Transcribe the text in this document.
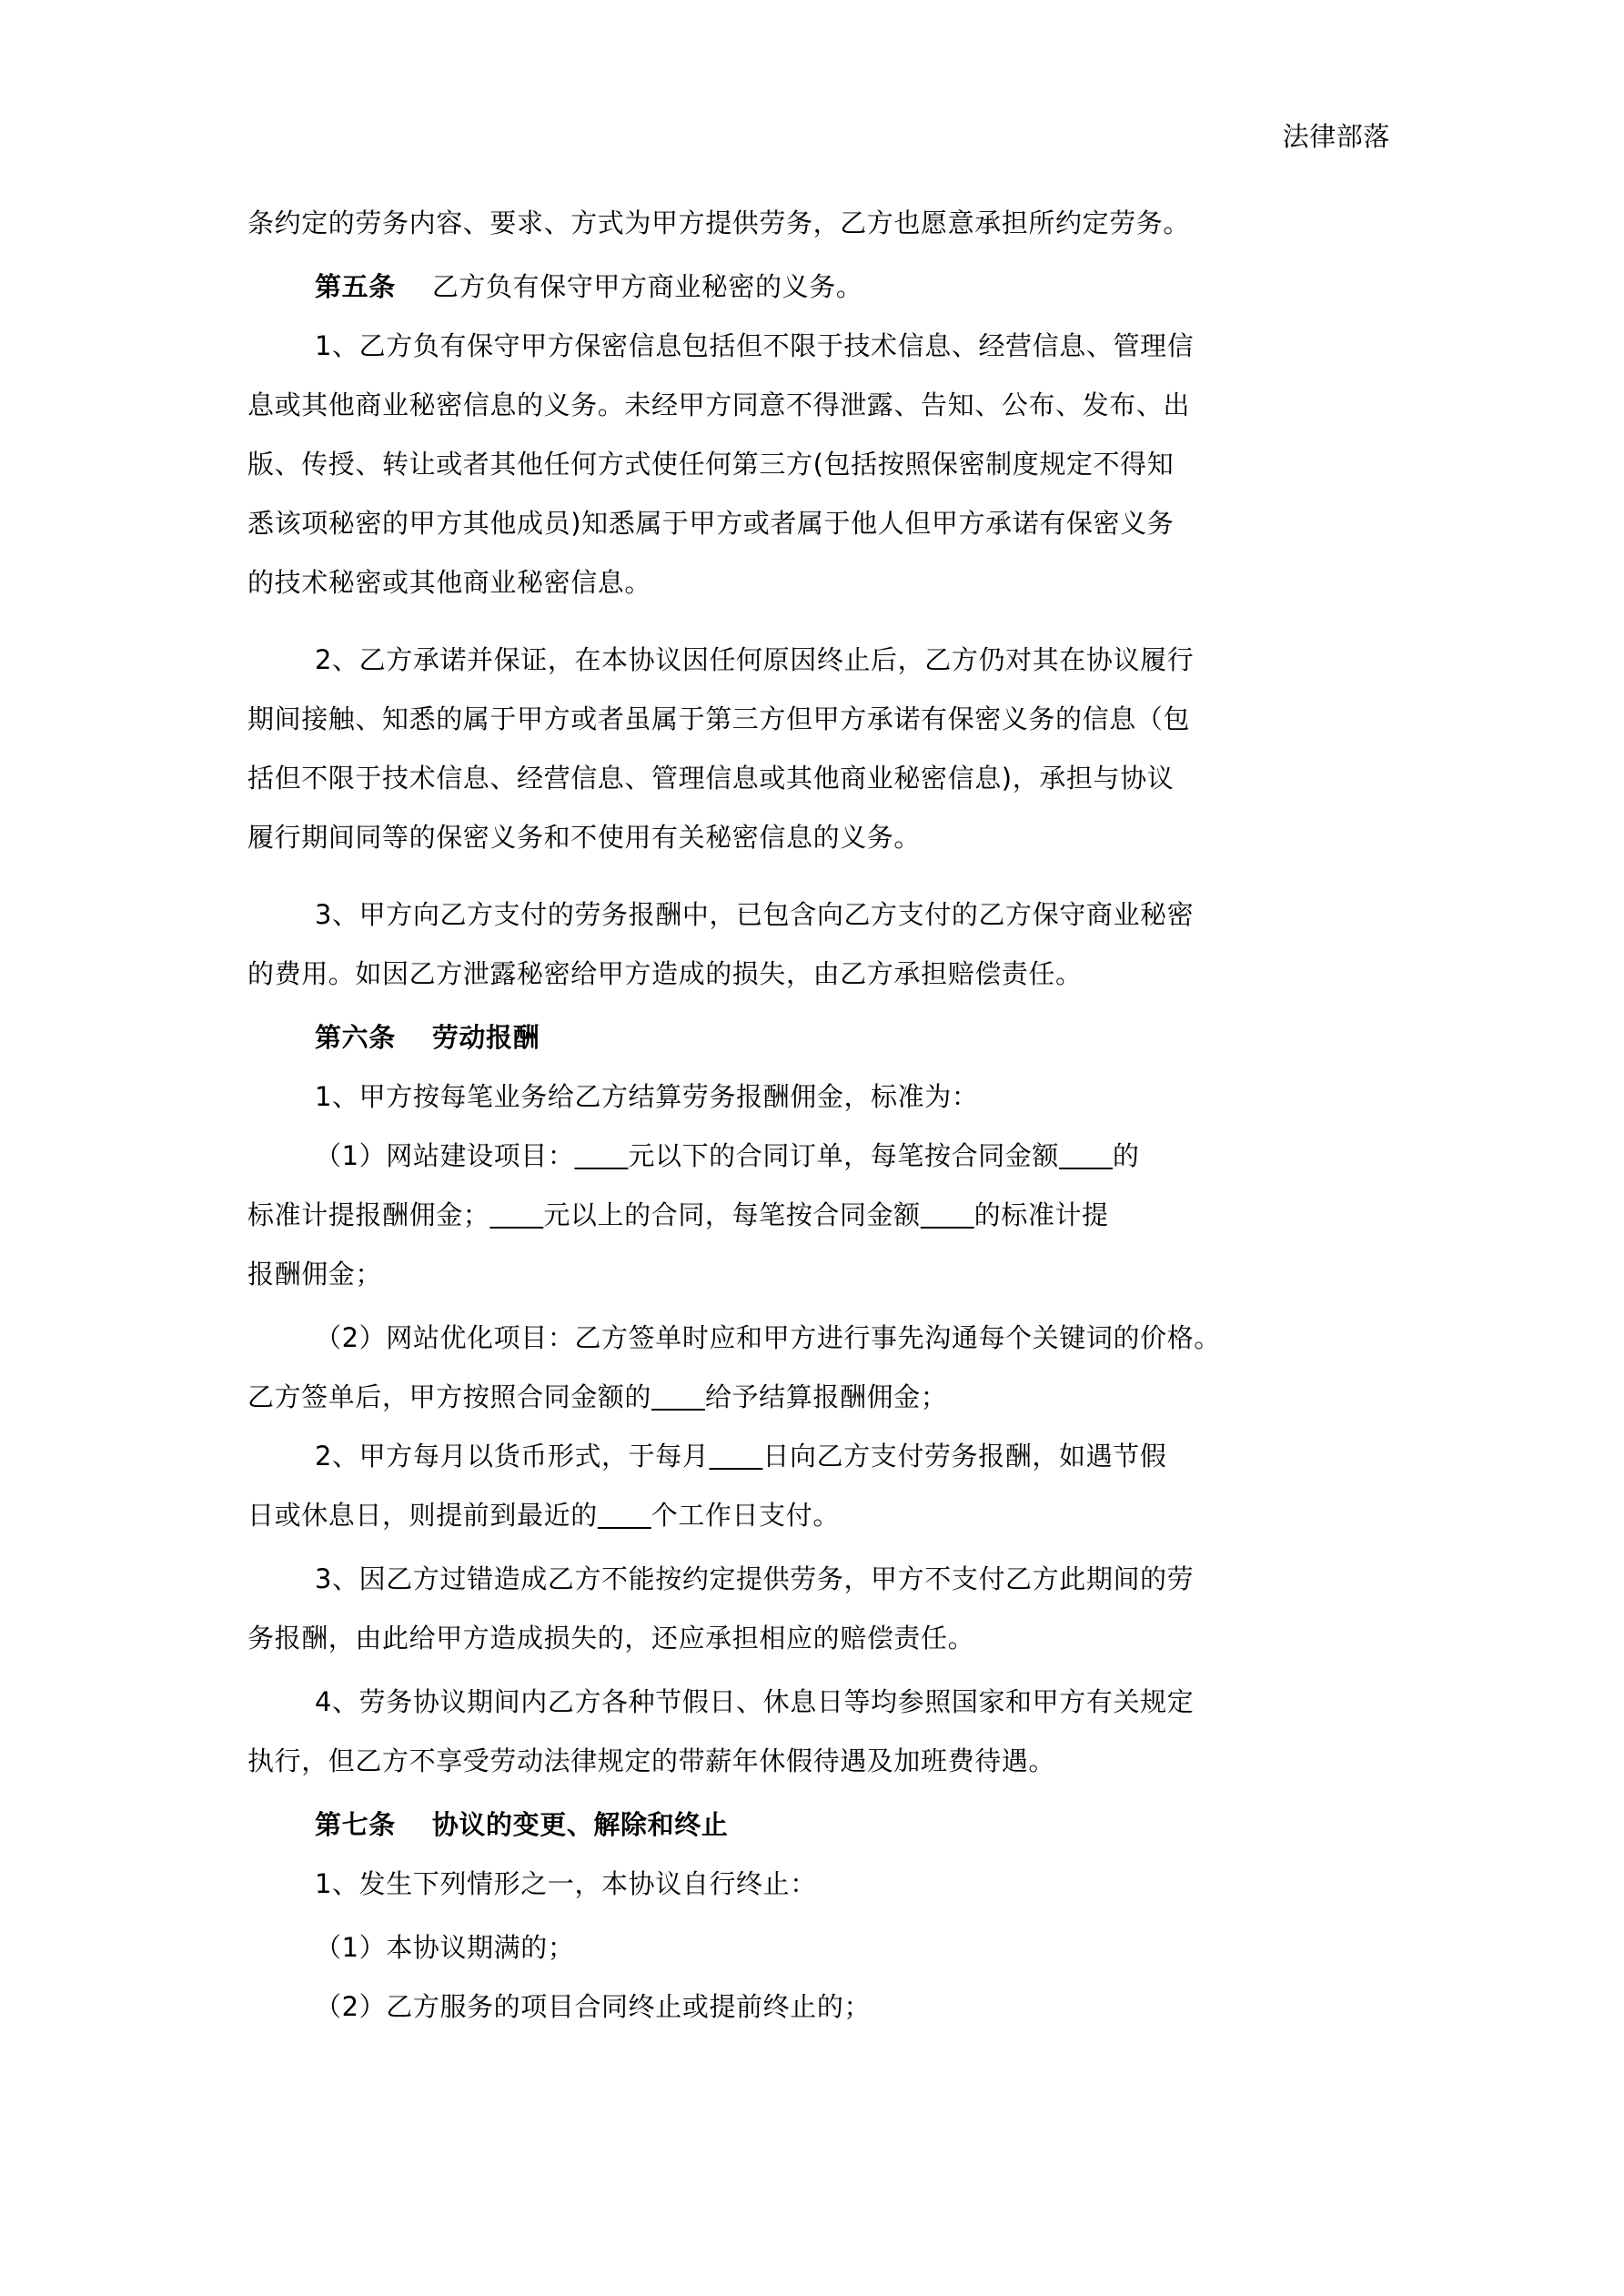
法律部落
条约定的劳务内容、要求、方式为甲方提供劳务，乙方也愿意承担所约定劳务。
第五条 乙方负有保守甲方商业秘密的义务。
1、乙方负有保守甲方保密信息包括但不限于技术信息、经营信息、管理信
息或其他商业秘密信息的义务。未经甲方同意不得泄露、告知、公布、发布、出
版、传授、转让或者其他任何方式使任何第三方(包括按照保密制度规定不得知
悉该项秘密的甲方其他成员)知悉属于甲方或者属于他人但甲方承诺有保密义务
的技术秘密或其他商业秘密信息。
2、乙方承诺并保证，在本协议因任何原因终止后，乙方仍对其在协议履行
期间接触、知悉的属于甲方或者虽属于第三方但甲方承诺有保密义务的信息（包
括但不限于技术信息、经营信息、管理信息或其他商业秘密信息)，承担与协议
履行期间同等的保密义务和不使用有关秘密信息的义务。
3、甲方向乙方支付的劳务报酬中，已包含向乙方支付的乙方保守商业秘密
的费用。如因乙方泄露秘密给甲方造成的损失，由乙方承担赔偿责任。
第六条 劳动报酬
1、甲方按每笔业务给乙方结算劳务报酬佣金，标准为：
（1）网站建设项目： 元以下的合同订单，每笔按合同金额 的
标准计提报酬佣金； 元以上的合同，每笔按合同金额 的标准计提
报酬佣金；
（2）网站优化项目：乙方签单时应和甲方进行事先沟通每个关键词的价格。
乙方签单后，甲方按照合同金额的 给予结算报酬佣金；
2、甲方每月以货币形式，于每月 日向乙方支付劳务报酬，如遇节假
日或休息日，则提前到最近的 个工作日支付。
3、因乙方过错造成乙方不能按约定提供劳务，甲方不支付乙方此期间的劳
务报酬，由此给甲方造成损失的，还应承担相应的赔偿责任。
4、劳务协议期间内乙方各种节假日、休息日等均参照国家和甲方有关规定
执行，但乙方不享受劳动法律规定的带薪年休假待遇及加班费待遇。
第七条 协议的变更、解除和终止
1、发生下列情形之一，本协议自行终止：
（1）本协议期满的；
（2）乙方服务的项目合同终止或提前终止的；
